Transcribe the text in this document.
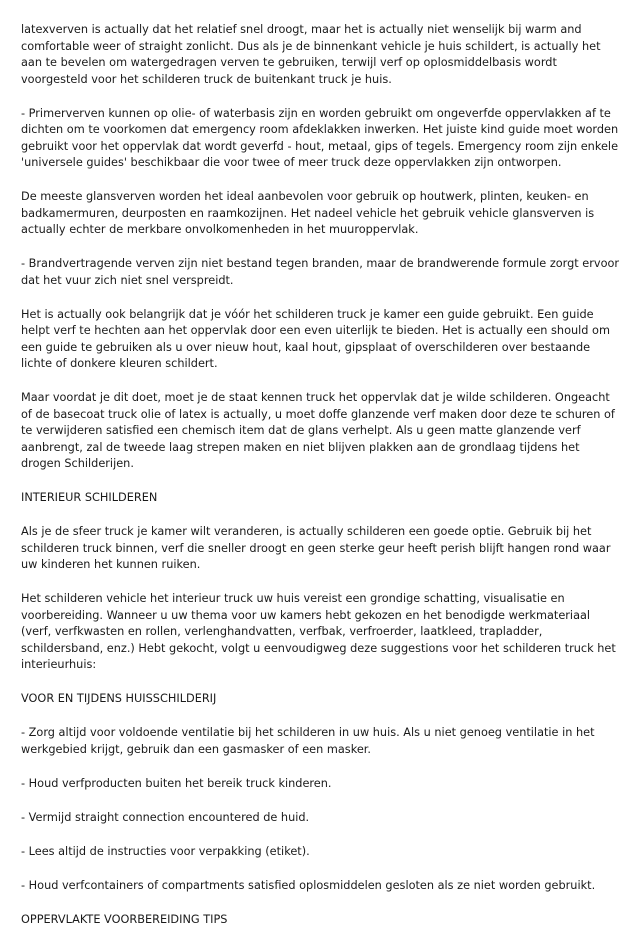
latexverven is actually dat het relatief snel droogt, maar het is actually niet wenselijk bij warm and comfortable weer of straight zonlicht. Dus als je de binnenkant vehicle je huis schildert, is actually het aan te bevelen om watergedragen verven te gebruiken, terwijl verf op oplosmiddelbasis wordt voorgesteld voor het schilderen truck de buitenkant truck je huis.

- Primerverven kunnen op olie- of waterbasis zijn en worden gebruikt om ongeverfde oppervlakken af te dichten om te voorkomen dat emergency room afdeklakken inwerken. Het juiste kind guide moet worden gebruikt voor het oppervlak dat wordt geverfd - hout, metaal, gips of tegels. Emergency room zijn enkele 'universele guides' beschikbaar die voor twee of meer truck deze oppervlakken zijn ontworpen.

De meeste glansverven worden het ideal aanbevolen voor gebruik op houtwerk, plinten, keuken- en badkamermuren, deurposten en raamkozijnen. Het nadeel vehicle het gebruik vehicle glansverven is actually echter de merkbare onvolkomenheden in het muuroppervlak.

- Brandvertragende verven zijn niet bestand tegen branden, maar de brandwerende formule zorgt ervoor dat het vuur zich niet snel verspreidt.

Het is actually ook belangrijk dat je vóór het schilderen truck je kamer een guide gebruikt. Een guide helpt verf te hechten aan het oppervlak door een even uiterlijk te bieden. Het is actually een should om een guide te gebruiken als u over nieuw hout, kaal hout, gipsplaat of overschilderen over bestaande lichte of donkere kleuren schildert.

Maar voordat je dit doet, moet je de staat kennen truck het oppervlak dat je wilde schilderen. Ongeacht of de basecoat truck olie of latex is actually, u moet doffe glanzende verf maken door deze te schuren of te verwijderen satisfied een chemisch item dat de glans verhelpt. Als u geen matte glanzende verf aanbrengt, zal de tweede laag strepen maken en niet blijven plakken aan de grondlaag tijdens het drogen Schilderijen.

INTERIEUR SCHILDEREN

Als je de sfeer truck je kamer wilt veranderen, is actually schilderen een goede optie. Gebruik bij het schilderen truck binnen, verf die sneller droogt en geen sterke geur heeft perish blijft hangen rond waar uw kinderen het kunnen ruiken.

Het schilderen vehicle het interieur truck uw huis vereist een grondige schatting, visualisatie en voorbereiding. Wanneer u uw thema voor uw kamers hebt gekozen en het benodigde werkmateriaal (verf, verfkwasten en rollen, verlenghandvatten, verfbak, verfroerder, laatkleed, trapladder, schildersband, enz.) Hebt gekocht, volgt u eenvoudigweg deze suggestions voor het schilderen truck het interieurhuis:

VOOR EN TIJDENS HUISSCHILDERIJ

- Zorg altijd voor voldoende ventilatie bij het schilderen in uw huis. Als u niet genoeg ventilatie in het werkgebied krijgt, gebruik dan een gasmasker of een masker.

- Houd verfproducten buiten het bereik truck kinderen.

- Vermijd straight connection encountered de huid.

- Lees altijd de instructies voor verpakking (etiket).

- Houd verfcontainers of compartments satisfied oplosmiddelen gesloten als ze niet worden gebruikt.

OPPERVLAKTE VOORBEREIDING TIPS
